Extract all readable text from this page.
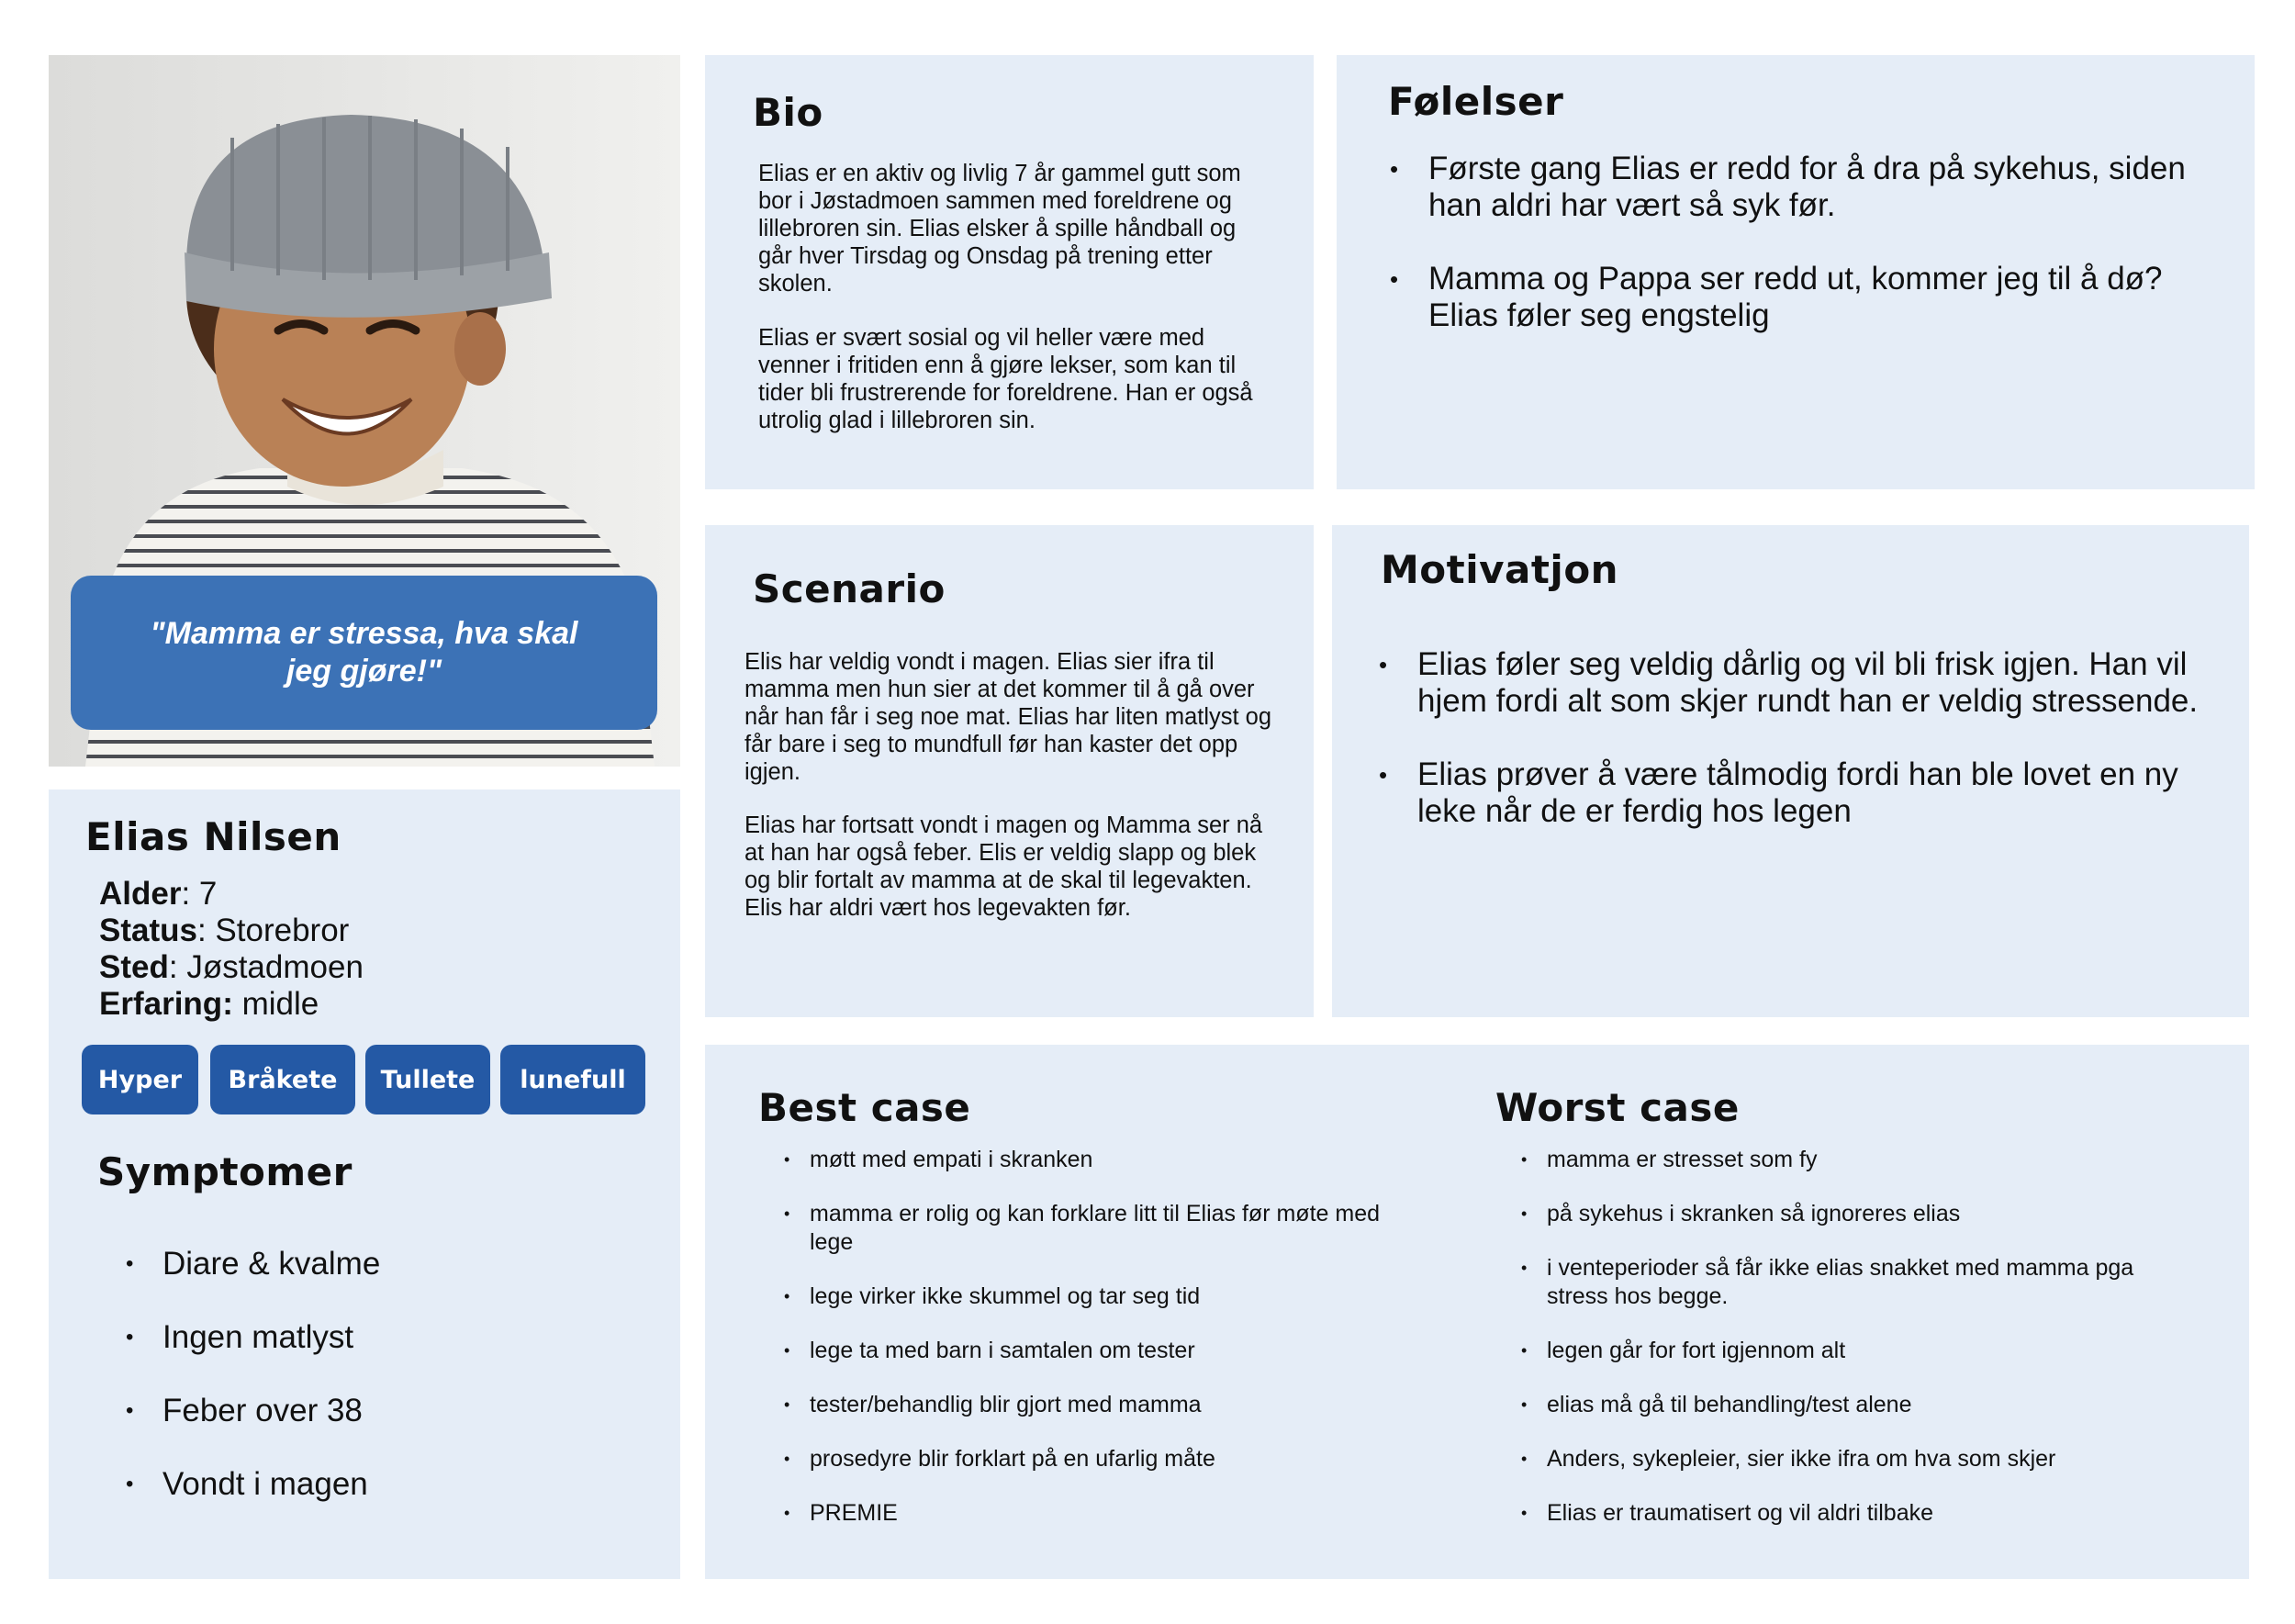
"Mamma er stressa, hva skal jeg gjøre!"
Elias Nilsen
Alder: 7
Status: Storebror
Sted: Jøstadmoen
Erfaring: midle
Hyper	Bråkete	Tullete	lunefull
Symptomer
• Diare & kvalme
• Ingen matlyst
• Feber over 38
• Vondt i magen
Bio

Elias er en aktiv og livlig 7 år gammel gutt som bor i Jøstadmoen sammen med foreldrene og lillebroren sin. Elias elsker å spille håndball og går hver Tirsdag og Onsdag på trening etter skolen.

Elias er svært sosial og vil heller være med venner i fritiden enn å gjøre lekser, som kan til tider bli frustrerende for foreldrene. Han er også utrolig glad i lillebroren sin.

Følelser
• Første gang Elias er redd for å dra på sykehus, siden han aldri har vært så syk før.
• Mamma og Pappa ser redd ut, kommer jeg til å dø? Elias føler seg engstelig
Scenario

Elis har veldig vondt i magen. Elias sier ifra til mamma men hun sier at det kommer til å gå over når han får i seg noe mat. Elias har liten matlyst og får bare i seg to mundfull før han kaster det opp igjen.

Elias har fortsatt vondt i magen og Mamma ser nå at han har også feber. Elis er veldig slapp og blek og blir fortalt av mamma at de skal til legevakten. Elis har aldri vært hos legevakten før.

Motivatjon
• Elias føler seg veldig dårlig og vil bli frisk igjen. Han vil hjem fordi alt som skjer rundt han er veldig stressende.
• Elias prøver å være tålmodig fordi han ble lovet en ny leke når de er ferdig hos legen
Best case
• møtt med empati i skranken
• mamma er rolig og kan forklare litt til Elias før møte med lege
• lege virker ikke skummel og tar seg tid
• lege ta med barn i samtalen om tester
• tester/behandlig blir gjort med mamma
• prosedyre blir forklart på en ufarlig måte
• PREMIE
Worst case
• mamma er stresset som fy
• på sykehus i skranken så ignoreres elias
• i venteperioder så får ikke elias snakket med mamma pga stress hos begge.
• legen går for fort igjennom alt
• elias må gå til behandling/test alene
• Anders, sykepleier, sier ikke ifra om hva som skjer
• Elias er traumatisert og vil aldri tilbake
